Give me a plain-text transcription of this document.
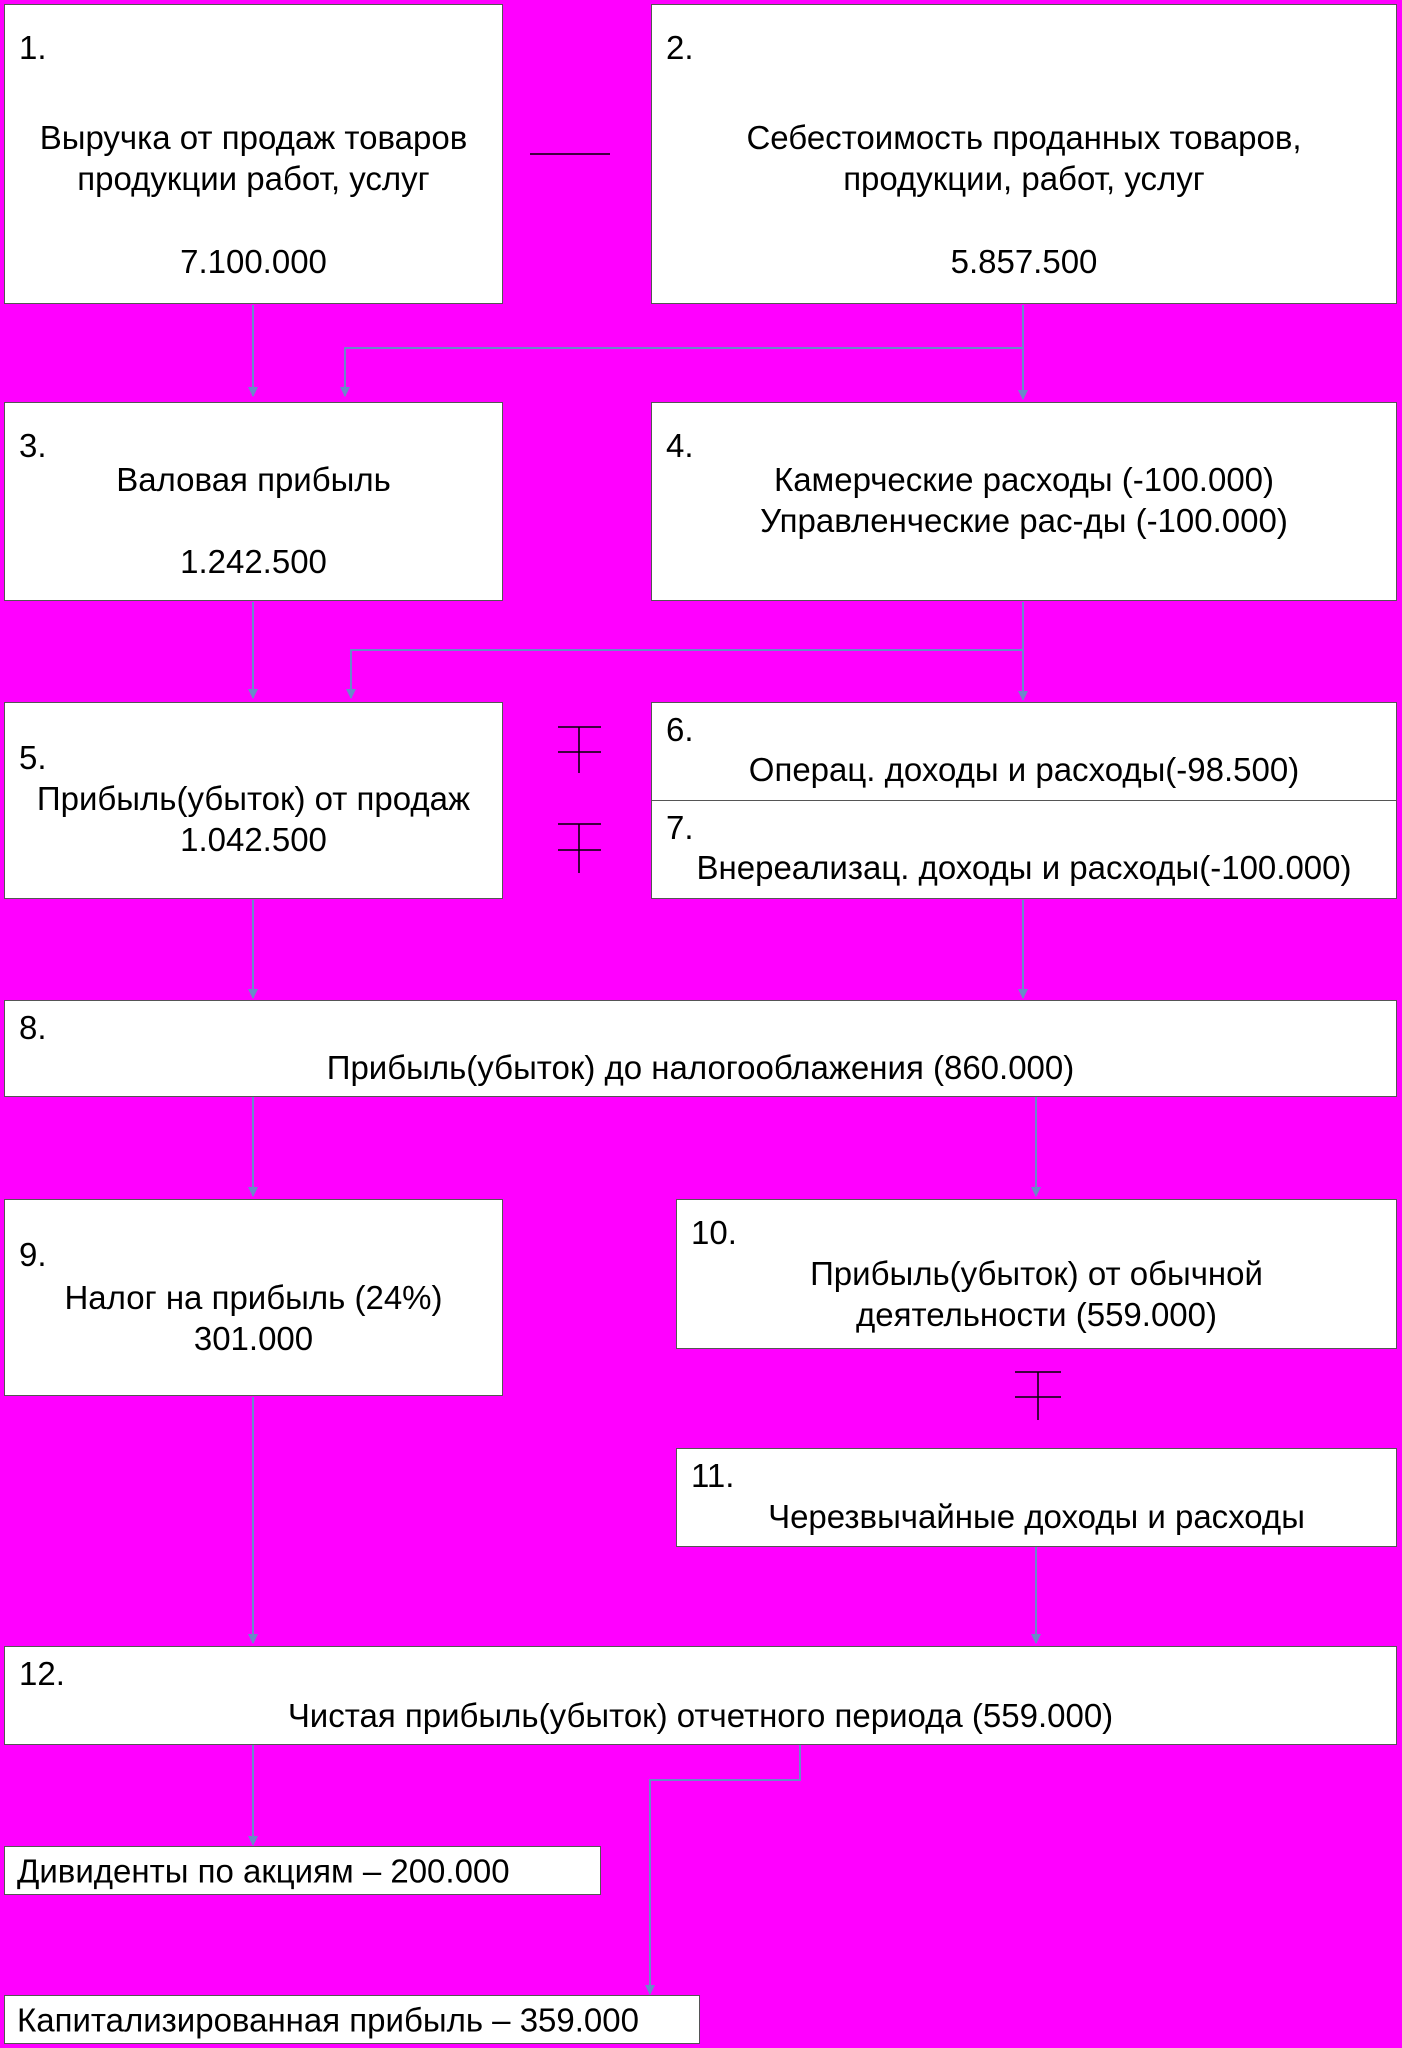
1.
Выручка от продаж товаров
продукции работ, услуг
7.100.000
2.
Себестоимость проданных товаров,
продукции, работ, услуг
5.857.500
3.
Валовая прибыль
1.242.500
4.
Камерческие расходы (-100.000)
Управленческие рас-ды (-100.000)
5.
Прибыль(убыток) от продаж
1.042.500
6.
Операц. доходы и расходы(-98.500)
7.
Внереализац. доходы и расходы(-100.000)
8.
Прибыль(убыток) до налогооблажения (860.000)
9.
Налог на прибыль (24%)
301.000
10.
Прибыль(убыток) от обычной
деятельности (559.000)
11.
Черезвычайные доходы и расходы
12.
Чистая прибыль(убыток) отчетного периода (559.000)
Дивиденты по акциям – 200.000
Капитализированная прибыль – 359.000
